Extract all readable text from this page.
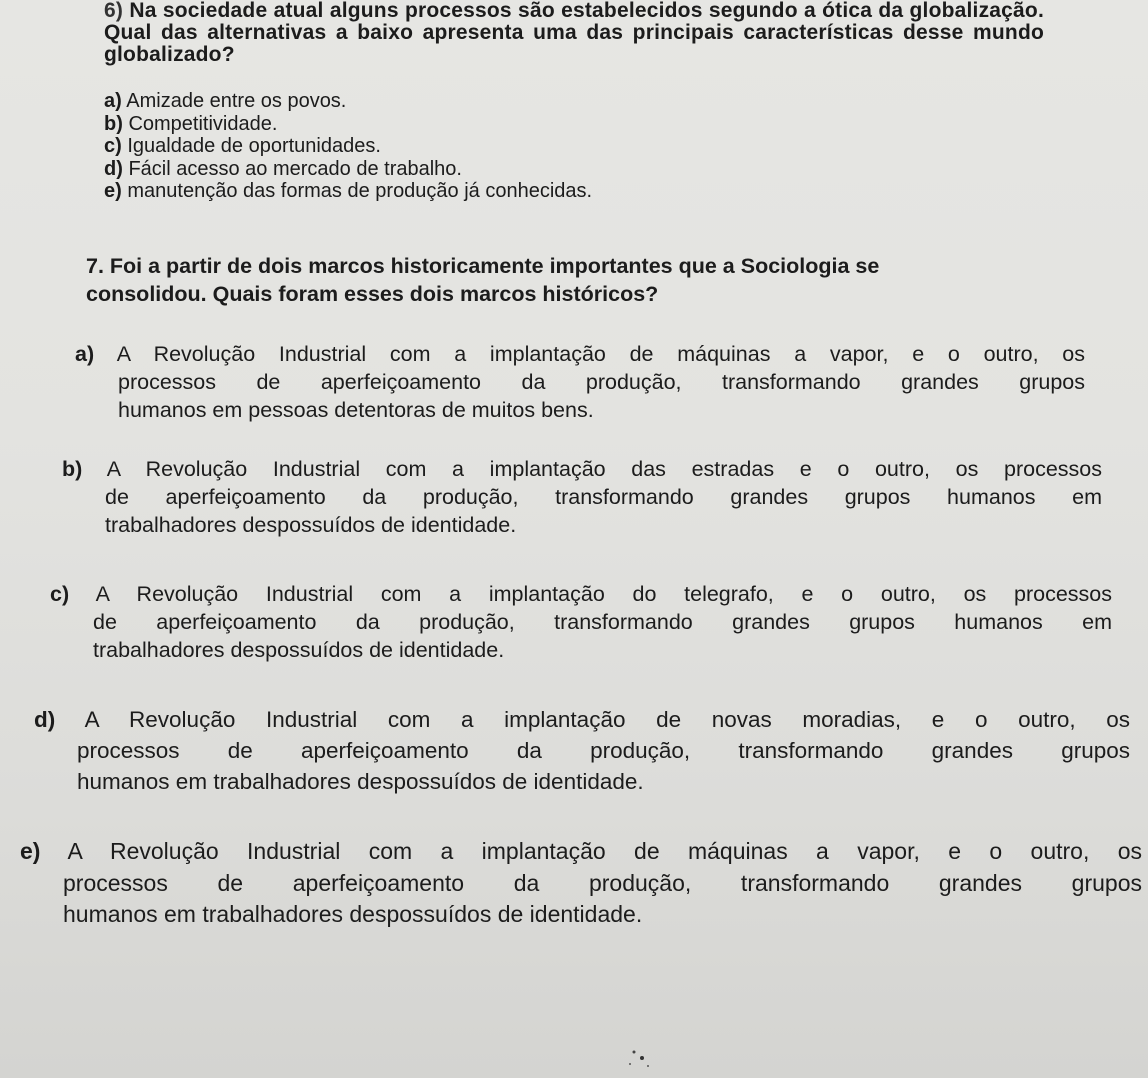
6) Na sociedade atual alguns processos são estabelecidos segundo a ótica da globalização. Qual das alternativas a baixo apresenta uma das principais características desse mundo globalizado?

a) Amizade entre os povos.
b) Competitividade.
c) Igualdade de oportunidades.
d) Fácil acesso ao mercado de trabalho.
e) manutenção das formas de produção já conhecidas.

7. Foi a partir de dois marcos historicamente importantes que a Sociologia se
consolidou. Quais foram esses dois marcos históricos?

a) A Revolução Industrial com a implantação de máquinas a vapor, e o outro, os
processos de aperfeiçoamento da produção, transformando grandes grupos
humanos em pessoas detentoras de muitos bens.
b) A Revolução Industrial com a implantação das estradas e o outro, os processos
de aperfeiçoamento da produção, transformando grandes grupos humanos em
trabalhadores despossuídos de identidade.
c) A Revolução Industrial com a implantação do telegrafo, e o outro, os processos
de aperfeiçoamento da produção, transformando grandes grupos humanos em
trabalhadores despossuídos de identidade.
d) A Revolução Industrial com a implantação de novas moradias, e o outro, os
processos de aperfeiçoamento da produção, transformando grandes grupos
humanos em trabalhadores despossuídos de identidade.
e) A Revolução Industrial com a implantação de máquinas a vapor, e o outro, os
processos de aperfeiçoamento da produção, transformando grandes grupos
humanos em trabalhadores despossuídos de identidade.
